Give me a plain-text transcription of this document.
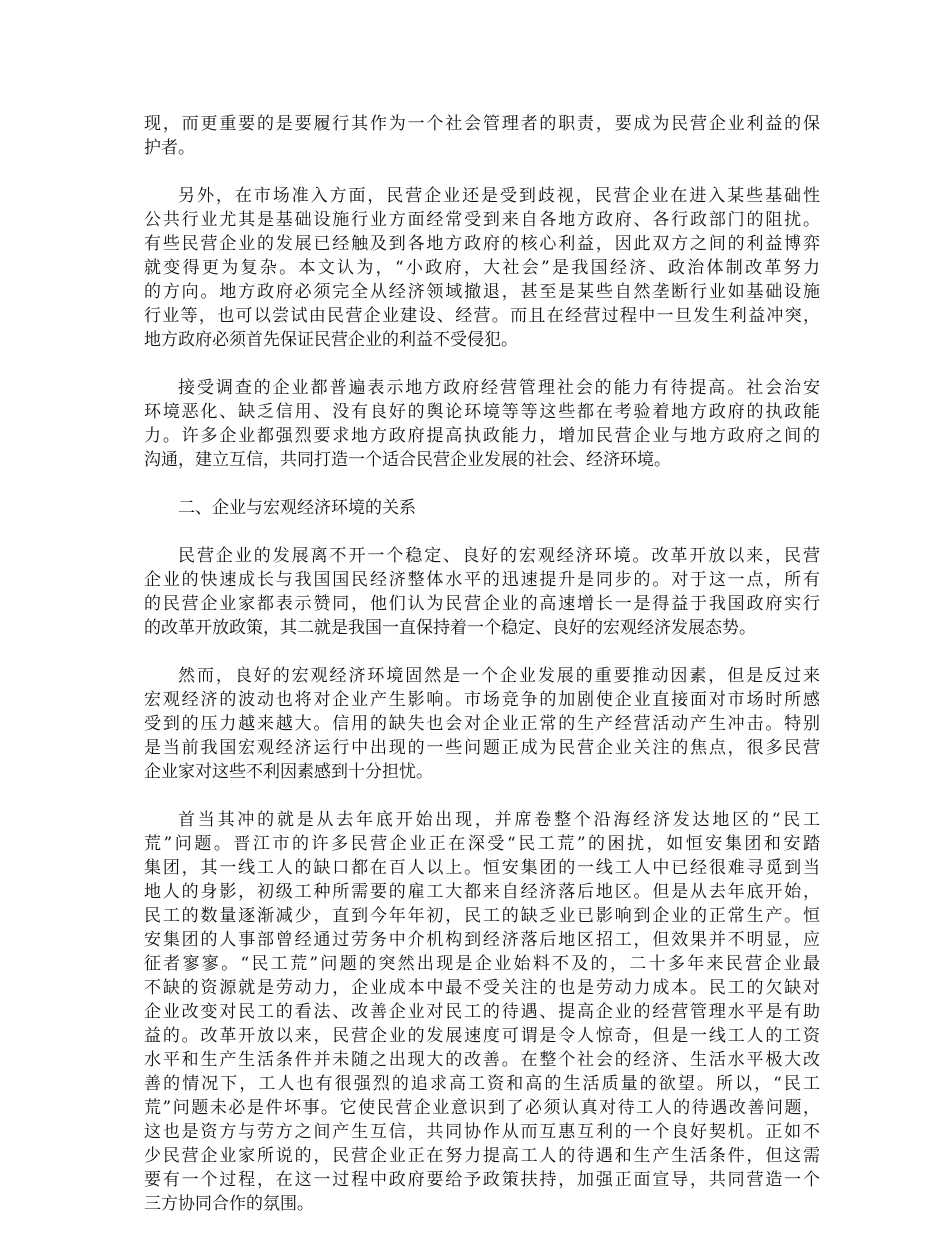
现，而更重要的是要履行其作为一个社会管理者的职责，要成为民营企业利益的保
护者。
另外，在市场准入方面，民营企业还是受到歧视，民营企业在进入某些基础性
公共行业尤其是基础设施行业方面经常受到来自各地方政府、各行政部门的阻扰。
有些民营企业的发展已经触及到各地方政府的核心利益，因此双方之间的利益博弈
就变得更为复杂。本文认为，“小政府，大社会”是我国经济、政治体制改革努力
的方向。地方政府必须完全从经济领域撤退，甚至是某些自然垄断行业如基础设施
行业等，也可以尝试由民营企业建设、经营。而且在经营过程中一旦发生利益冲突，
地方政府必须首先保证民营企业的利益不受侵犯。
接受调查的企业都普遍表示地方政府经营管理社会的能力有待提高。社会治安
环境恶化、缺乏信用、没有良好的舆论环境等等这些都在考验着地方政府的执政能
力。许多企业都强烈要求地方政府提高执政能力，增加民营企业与地方政府之间的
沟通，建立互信，共同打造一个适合民营企业发展的社会、经济环境。
二、企业与宏观经济环境的关系
民营企业的发展离不开一个稳定、良好的宏观经济环境。改革开放以来，民营
企业的快速成长与我国国民经济整体水平的迅速提升是同步的。对于这一点，所有
的民营企业家都表示赞同，他们认为民营企业的高速增长一是得益于我国政府实行
的改革开放政策，其二就是我国一直保持着一个稳定、良好的宏观经济发展态势。
然而，良好的宏观经济环境固然是一个企业发展的重要推动因素，但是反过来
宏观经济的波动也将对企业产生影响。市场竞争的加剧使企业直接面对市场时所感
受到的压力越来越大。信用的缺失也会对企业正常的生产经营活动产生冲击。特别
是当前我国宏观经济运行中出现的一些问题正成为民营企业关注的焦点，很多民营
企业家对这些不利因素感到十分担忧。
首当其冲的就是从去年底开始出现，并席卷整个沿海经济发达地区的“民工
荒”问题。晋江市的许多民营企业正在深受“民工荒”的困扰，如恒安集团和安踏
集团，其一线工人的缺口都在百人以上。恒安集团的一线工人中已经很难寻觅到当
地人的身影，初级工种所需要的雇工大都来自经济落后地区。但是从去年底开始，
民工的数量逐渐减少，直到今年年初，民工的缺乏业已影响到企业的正常生产。恒
安集团的人事部曾经通过劳务中介机构到经济落后地区招工，但效果并不明显，应
征者寥寥。“民工荒”问题的突然出现是企业始料不及的，二十多年来民营企业最
不缺的资源就是劳动力，企业成本中最不受关注的也是劳动力成本。民工的欠缺对
企业改变对民工的看法、改善企业对民工的待遇、提高企业的经营管理水平是有助
益的。改革开放以来，民营企业的发展速度可谓是令人惊奇，但是一线工人的工资
水平和生产生活条件并未随之出现大的改善。在整个社会的经济、生活水平极大改
善的情况下，工人也有很强烈的追求高工资和高的生活质量的欲望。所以，“民工
荒”问题未必是件坏事。它使民营企业意识到了必须认真对待工人的待遇改善问题，
这也是资方与劳方之间产生互信，共同协作从而互惠互利的一个良好契机。正如不
少民营企业家所说的，民营企业正在努力提高工人的待遇和生产生活条件，但这需
要有一个过程，在这一过程中政府要给予政策扶持，加强正面宣导，共同营造一个
三方协同合作的氛围。
